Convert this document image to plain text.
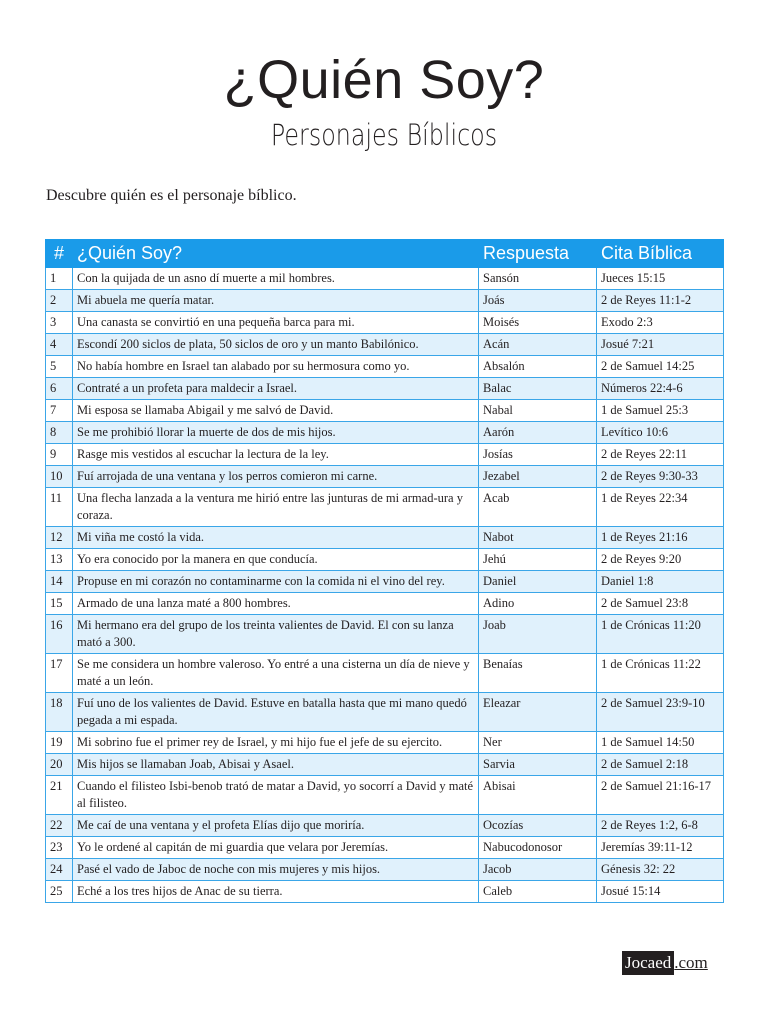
¿Quién Soy?
Personajes Bíblicos
Descubre quién es el personaje bíblico.
#	¿Quién Soy?	Respuesta	Cita Bíblica
1	Con la quijada de un asno dí muerte a mil hombres.	Sansón	Jueces 15:15
2	Mi abuela me quería matar.	Joás	2 de Reyes 11:1-2
3	Una canasta se convirtió en una pequeña barca para mi.	Moisés	Exodo 2:3
4	Escondí 200 siclos de plata, 50 siclos de oro y un manto Babilónico.	Acán	Josué 7:21
5	No había hombre en Israel tan alabado por su hermosura como yo.	Absalón	2 de Samuel 14:25
6	Contraté a un profeta para maldecir a Israel.	Balac	Números 22:4-6
7	Mi esposa se llamaba Abigail y me salvó de David.	Nabal	1 de Samuel 25:3
8	Se me prohibió llorar la muerte de dos de mis hijos.	Aarón	Levítico 10:6
9	Rasge mis vestidos al escuchar la lectura de la ley.	Josías	2 de Reyes 22:11
10	Fuí arrojada de una ventana y los perros comieron mi carne.	Jezabel	2 de Reyes 9:30-33
11	Una flecha lanzada a la ventura me hirió entre las junturas de mi armad-ura y coraza.	Acab	1 de Reyes 22:34
12	Mi viña me costó la vida.	Nabot	1 de Reyes 21:16
13	Yo era conocido por la manera en que conducía.	Jehú	2 de Reyes 9:20
14	Propuse en mi corazón no contaminarme con la comida ni el vino del rey.	Daniel	Daniel 1:8
15	Armado de una lanza maté a 800 hombres.	Adino	2 de Samuel 23:8
16	Mi hermano era del grupo de los treinta valientes de David. El con su lanza mató a 300.	Joab	1 de Crónicas 11:20
17	Se me considera un hombre valeroso. Yo entré a una cisterna un día de nieve y maté a un león.	Benaías	1 de Crónicas 11:22
18	Fuí uno de los valientes de David. Estuve en batalla hasta que mi mano quedó pegada a mi espada.	Eleazar	2 de Samuel 23:9-10
19	Mi sobrino fue el primer rey de Israel, y mi hijo fue el jefe de su ejercito.	Ner	1 de Samuel 14:50
20	Mis hijos se llamaban Joab, Abisai y Asael.	Sarvia	2 de Samuel 2:18
21	Cuando el filisteo Isbi-benob trató de matar a David, yo socorrí a David y maté al filisteo.	Abisai	2 de Samuel 21:16-17
22	Me caí de una ventana y el profeta Elías dijo que moriría.	Ocozías	2 de Reyes 1:2, 6-8
23	Yo le ordené al capitán de mi guardia que velara por Jeremías.	Nabucodonosor	Jeremías 39:11-12
24	Pasé el vado de Jaboc de noche con mis mujeres y mis hijos.	Jacob	Génesis 32: 22
25	Eché a los tres hijos de Anac de su tierra.	Caleb	Josué 15:14
Jocaed .com
